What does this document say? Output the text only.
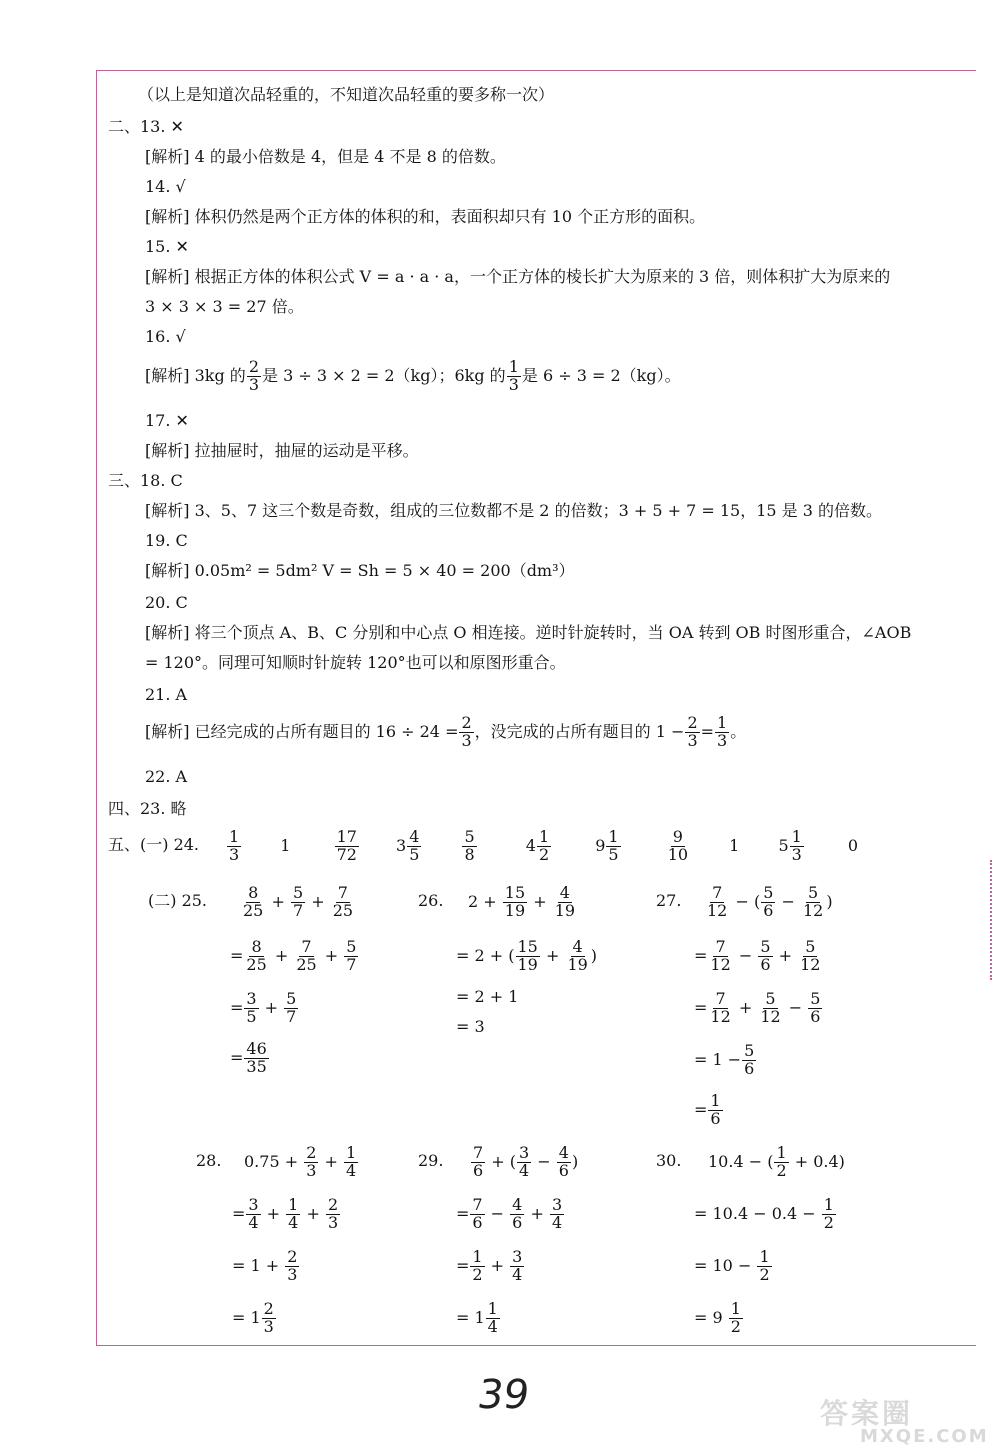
（以上是知道次品轻重的，不知道次品轻重的要多称一次）
二、13. ✕
[解析] 4 的最小倍数是 4，但是 4 不是 8 的倍数。
14. √
[解析] 体积仍然是两个正方体的体积的和，表面积却只有 10 个正方形的面积。
15. ✕
[解析] 根据正方体的体积公式 V = a · a · a，一个正方体的棱长扩大为原来的 3 倍，则体积扩大为原来的
3 × 3 × 3 = 27 倍。
16. √
[解析] 3kg 的 $\frac{2}{3}$ 是 3 ÷ 3 × 2 = 2（kg）；6kg 的 $\frac{1}{3}$ 是 6 ÷ 3 = 2（kg）。
17. ✕
[解析] 拉抽屉时，抽屉的运动是平移。
三、18. C
[解析] 3、5、7 这三个数是奇数，组成的三位数都不是 2 的倍数；3 + 5 + 7 = 15，15 是 3 的倍数。
19. C
[解析] 0.05m² = 5dm² V = Sh = 5 × 40 = 200（dm³）
20. C
[解析] 将三个顶点 A、B、C 分别和中心点 O 相连接。逆时针旋转时，当 OA 转到 OB 时图形重合，∠AOB
= 120°。同理可知顺时针旋转 120°也可以和原图形重合。
21. A
[解析] 已经完成的占所有题目的 $16 \div 24 = \frac{2}{3}$ ，没完成的占所有题目的 $1 - \frac{2}{3} = \frac{1}{3}$ 。
22. A
四、23. 略
五、(一) 24. $\frac{1}{3} 1$	$\frac{17}{72} 3 \frac{4}{5}$
	$\frac{5}{8}$	$4 \frac{1}{2}$	$9 \frac{1}{5}$
	$\frac{9}{10} 1$ $5 \frac{1}{3}$	0
(二) 25. $\frac{8}{25} + \frac{5}{7} + \frac{7}{25}$
= $\frac{8}{25} + \frac{7}{25} + \frac{5}{7}$
= $\frac{3}{5} + \frac{5}{7}$
= $\frac{46}{35}$
26. $2 + \frac{15}{19} + \frac{4}{19}$
= 2 + ( $\frac{15}{19} + \frac{4}{19}$ )
= 2 + 1
= 3
27. $\frac{7}{12}$ − ( $\frac{5}{6} - \frac{5}{12}$ )
= $\frac{7}{12} - \frac{5}{6} + \frac{5}{12}$
= $\frac{7}{12} + \frac{5}{12} - \frac{5}{6}$
= $1 - \frac{5}{6}$
= $\frac{1}{6}$
28. $0.75 + \frac{2}{3} + \frac{1}{4}$
= $\frac{3}{4} + \frac{1}{4} + \frac{2}{3}$
= $1 + \frac{2}{3}$
= $1 \frac{2}{3}$
29. $\frac{7}{6}$ + ( $\frac{3}{4} - \frac{4}{6}$ )
= $\frac{7}{6} - \frac{4}{6} + \frac{3}{4}$
= $\frac{1}{2} + \frac{3}{4}$
= $1 \frac{1}{4}$
30. 10.4 − ( $\frac{1}{2} + 0.4$)
= $10.4 - 0.4 - \frac{1}{2}$
= $10 - \frac{1}{2}$
= $9 \frac{1}{2}$
39	答案圈
MXQE.COM
